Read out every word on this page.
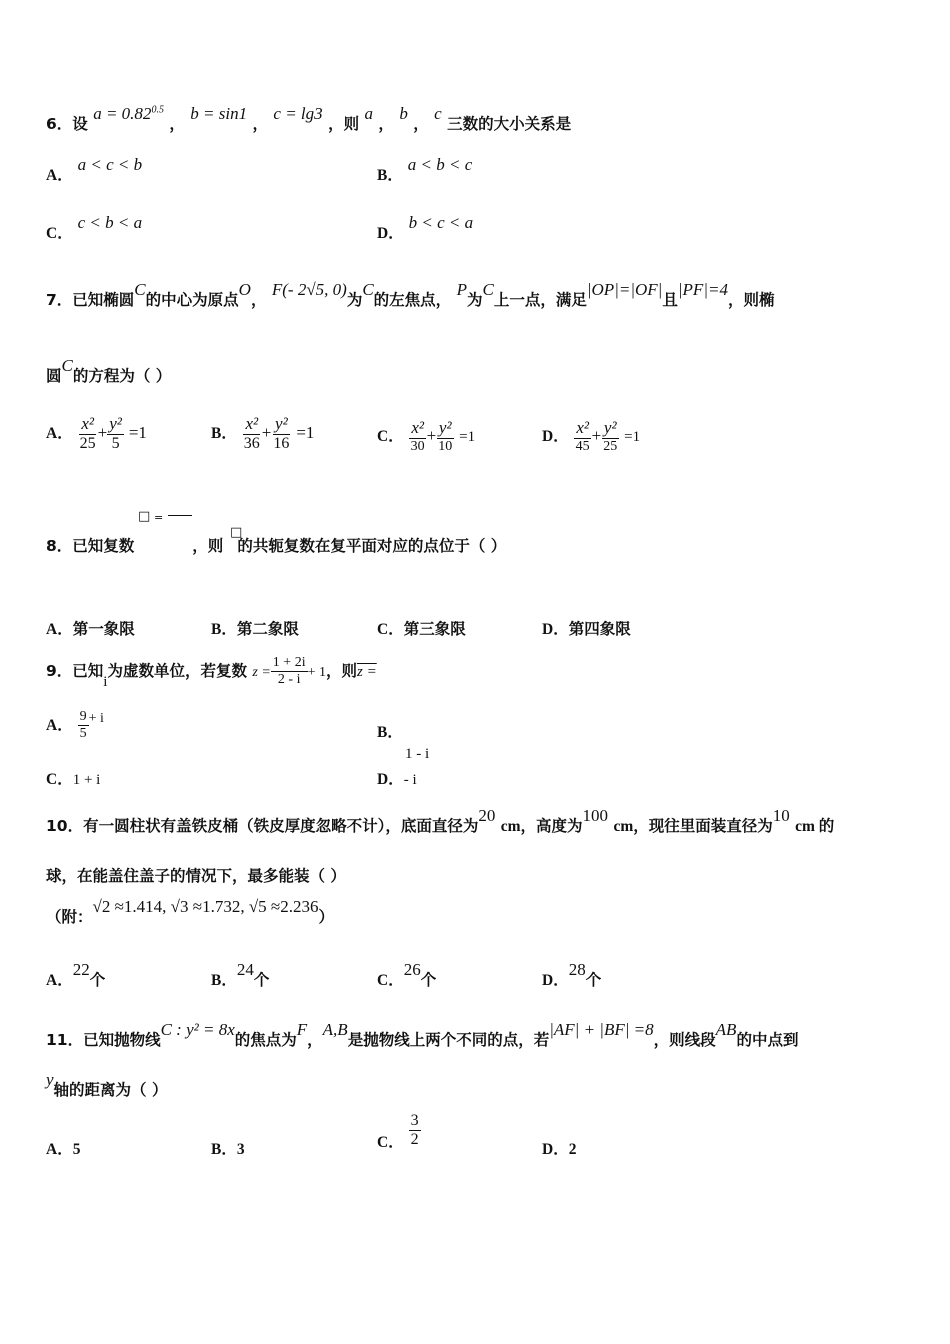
6．设 $a = 0.82^{0.5}$ ， b = sin1 ， c = lg3 ，则 a ， b ， c 三数的大小关系是
A． a < c < b
B． a < b < c
C． c < b < a
D． b < c < a
7．已知椭圆C的中心为原点O， F(- 2√5, 0)为C的左焦点， P为C上一点，满足|OP|=|OF|且|PF|=4，则椭
圆C的方程为（ ）
A． $\frac{\text{x²}}{25} + \frac{\text{y²}}{5} =1$	B． $\frac{\text{x²}}{36} + \frac{\text{y²}}{16} =1$	C． $\frac{\text{x²}}{30} + \frac{\text{y²}}{10} =1$	D． $\frac{\text{x²}}{45} + \frac{\text{y²}}{25} =1$
□ =
□
8．已知复数	，则 的共轭复数在复平面对应的点位于（ ）
A．第一象限	B．第二象限	C．第三象限	D．第四象限
9．已知i为虚数单位，若复数 $z = \frac{1 + 2i}{2 - i} + 1$，则z =
A． $\frac{9}{5} + i$
B．
1 - i
C．1 + i	D．- i
10．有一圆柱状有盖铁皮桶（铁皮厚度忽略不计），底面直径为20 cm，高度为100 cm，现往里面装直径为10 cm 的
球，在能盖住盖子的情况下，最多能装（ ）
（附：√2 ≈1.414, √3 ≈1.732, √5 ≈2.236）
A．22个	B．24个	C．26个	D．28个
11．已知抛物线C : y² = 8x的焦点为F，A,B是抛物线上两个不同的点，若|AF| + |BF| =8，则线段AB的中点到
y轴的距离为（ ）
A．5	B．3	C． $\frac{3}{2}$	D．2
